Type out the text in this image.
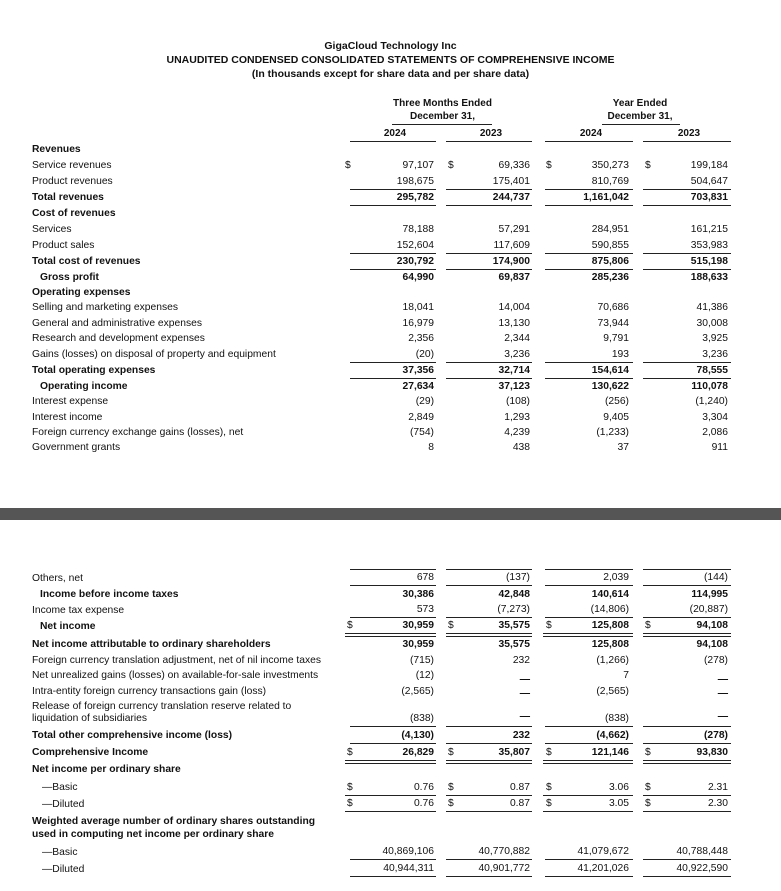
GigaCloud Technology Inc
UNAUDITED CONDENSED CONSOLIDATED STATEMENTS OF COMPREHENSIVE INCOME
(In thousands except for share data and per share data)
Three Months Ended
December 31,
Year Ended
December 31,
2024	2023	2024	2023
Revenues
Service revenues	$	97,107 $	69,336 $	350,273 $	199,184
Product revenues	198,675	175,401	810,769	504,647
Total revenues	295,782	244,737	1,161,042	703,831
Cost of revenues
Services	78,188	57,291	284,951	161,215
Product sales	152,604	117,609	590,855	353,983
Total cost of revenues	230,792	174,900	875,806	515,198
Gross profit	64,990	69,837	285,236	188,633
Operating expenses
Selling and marketing expenses	18,041	14,004	70,686	41,386
General and administrative expenses	16,979	13,130	73,944	30,008
Research and development expenses	2,356	2,344	9,791	3,925
Gains (losses) on disposal of property and equipment	(20)	3,236	193	3,236
Total operating expenses	37,356	32,714	154,614	78,555
Operating income	27,634	37,123	130,622	110,078
Interest expense	(29)	(108)	(256)	(1,240)
Interest income	2,849	1,293	9,405	3,304
Foreign currency exchange gains (losses), net	(754)	4,239	(1,233)	2,086
Government grants	8	438	37	911
Others, net	678	(137)	2,039	(144)
Income before income taxes	30,386	42,848	140,614	114,995
Income tax expense	573	(7,273)	(14,806)	(20,887)
Net income	$	30,959 $	35,575 $	125,808 $	94,108
Net income attributable to ordinary shareholders	30,959	35,575	125,808	94,108
Foreign currency translation adjustment, net of nil income taxes	(715)	232	(1,266)	(278)
Net unrealized gains (losses) on available-for-sale investments	(12)	—	7	—
Intra-entity foreign currency transactions gain (loss)	(2,565)	—	(2,565)	—
Release of foreign currency translation reserve related to
liquidation of subsidiaries	(838)	—	(838)	—
Total other comprehensive income (loss)	(4,130)	232	(4,662)	(278)
Comprehensive Income	$	26,829 $	35,807 $	121,146 $	93,830
Net income per ordinary share
—Basic	$	0.76 $	0.87 $	3.06 $	2.31
—Diluted	$	0.76 $	0.87 $	3.05 $	2.30
Weighted average number of ordinary shares outstanding
used in computing net income per ordinary share
—Basic	40,869,106	40,770,882	41,079,672	40,788,448
—Diluted	40,944,311	40,901,772	41,201,026	40,922,590
